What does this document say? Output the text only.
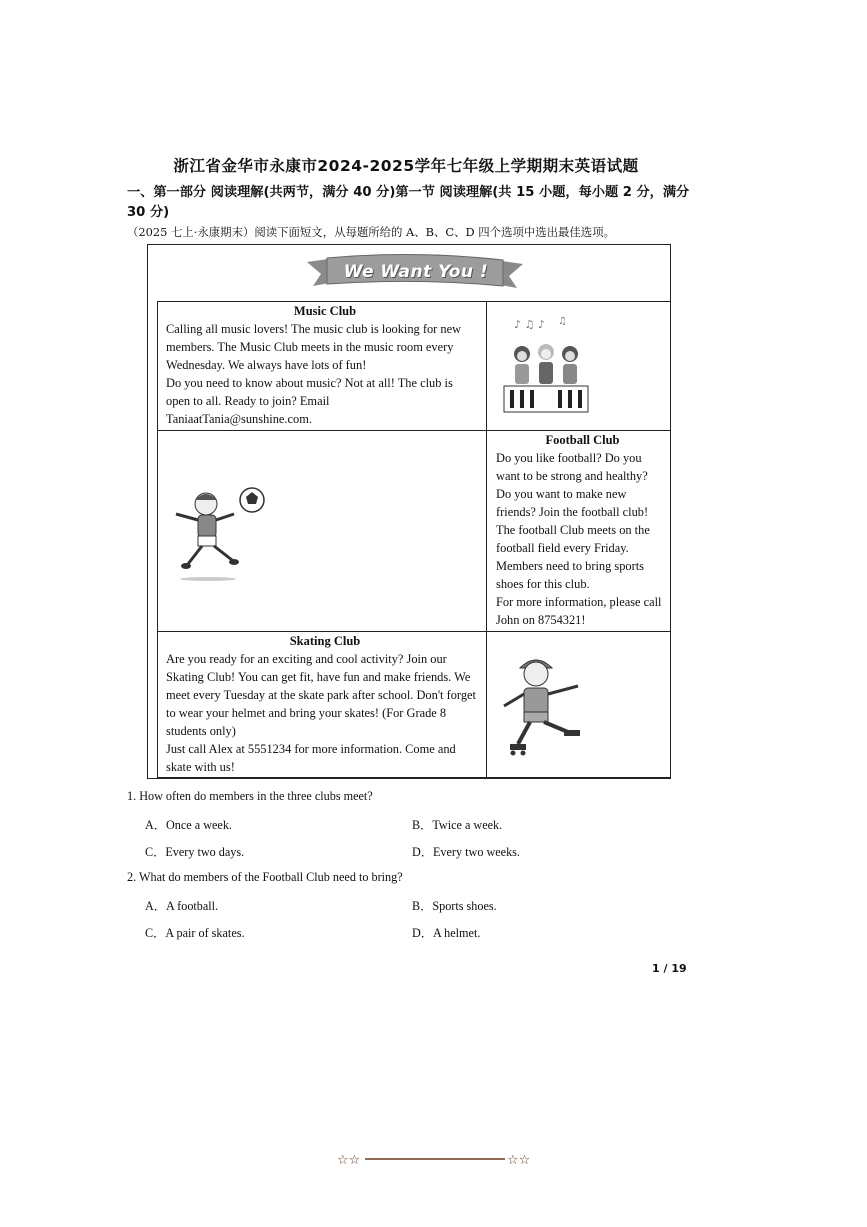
浙江省金华市永康市2024-2025学年七年级上学期期末英语试题
一、第一部分 阅读理解(共两节，满分 40 分)第一节 阅读理解(共 15 小题，每小题 2 分，满分 30 分)
（2025 七上·永康期末）阅读下面短文，从每题所给的 A、B、C、D 四个选项中选出最佳选项。
We Want You !
Music Club
Calling all music lovers! The music club is looking for new
members. The Music Club meets in the music room every
Wednesday. We always have lots of fun!
Do you need to know about music? Not at all! The club is
open to all. Ready to join? Email
TaniaatTania@sunshine.com.
♪ ♫ ♪ ♫
Football Club
Do you like football? Do you
want to be strong and healthy?
Do you want to make new
friends? Join the football club!
The football Club meets on the
football field every Friday.
Members need to bring sports
shoes for this club.
For more information, please call
John on 8754321!
Skating Club
Are you ready for an exciting and cool activity? Join our
Skating Club! You can get fit, have fun and make friends. We
meet every Tuesday at the skate park after school. Don't forget
to wear your helmet and bring your skates! (For Grade 8
students only)
Just call Alex at 5551234 for more information. Come and
skate with us!
1. How often do members in the three clubs meet?
A．Once a week.	B．Twice a week.
C．Every two days.	D．Every two weeks.
2. What do members of the Football Club need to bring?
A．A football.	B．Sports shoes.
C．A pair of skates.	D．A helmet.
1 / 19
☆☆	☆☆
